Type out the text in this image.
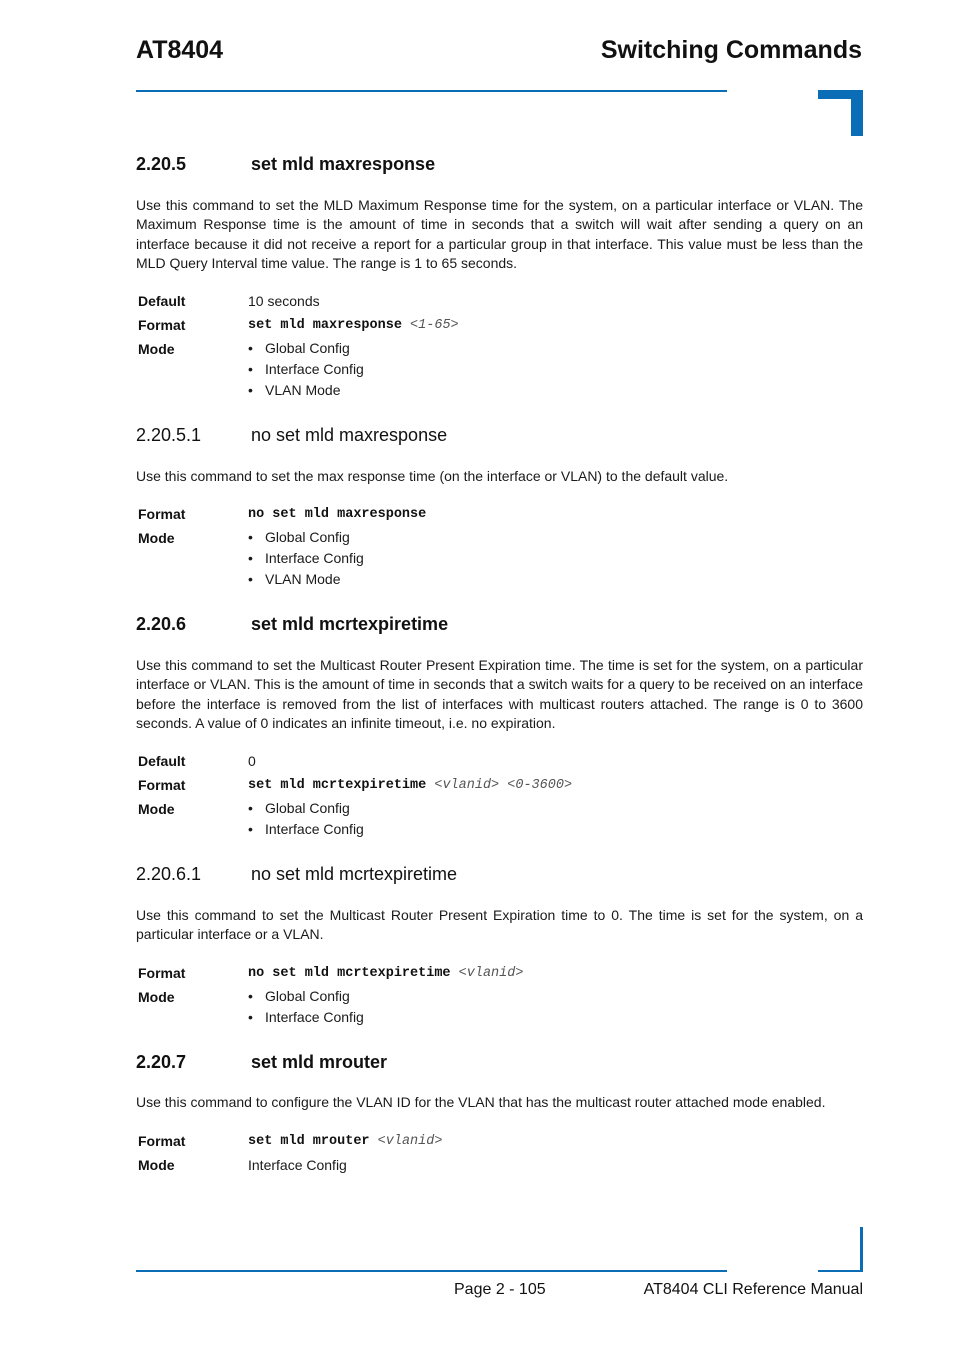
AT8404	Switching Commands
2.20.5	set mld maxresponse

Use this command to set the MLD Maximum Response time for the system, on a particular interface or VLAN. The Maximum Response time is the amount of time in seconds that a switch will wait after sending a query on an interface because it did not receive a report for a particular group in that interface. This value must be less than the MLD Query Interval time value. The range is 1 to 65 seconds.

Default	10 seconds
Format	set mld maxresponse <1-65>
Mode	• Global Config
• Interface Config
• VLAN Mode
2.20.5.1	no set mld maxresponse

Use this command to set the max response time (on the interface or VLAN) to the default value.

Format	no set mld maxresponse
Mode	• Global Config
• Interface Config
• VLAN Mode
2.20.6	set mld mcrtexpiretime

Use this command to set the Multicast Router Present Expiration time. The time is set for the system, on a particular interface or VLAN. This is the amount of time in seconds that a switch waits for a query to be received on an interface before the interface is removed from the list of interfaces with multicast routers attached. The range is 0 to 3600 seconds. A value of 0 indicates an infinite timeout, i.e. no expiration.

Default	0
Format	set mld mcrtexpiretime <vlanid> <0-3600>
Mode	• Global Config
• Interface Config
2.20.6.1	no set mld mcrtexpiretime

Use this command to set the Multicast Router Present Expiration time to 0. The time is set for the system, on a particular interface or a VLAN.

Format	no set mld mcrtexpiretime <vlanid>
Mode	• Global Config
• Interface Config
2.20.7	set mld mrouter

Use this command to configure the VLAN ID for the VLAN that has the multicast router attached mode enabled.

Format	set mld mrouter <vlanid>
Mode	Interface Config
Page 2 - 105	AT8404 CLI Reference Manual
